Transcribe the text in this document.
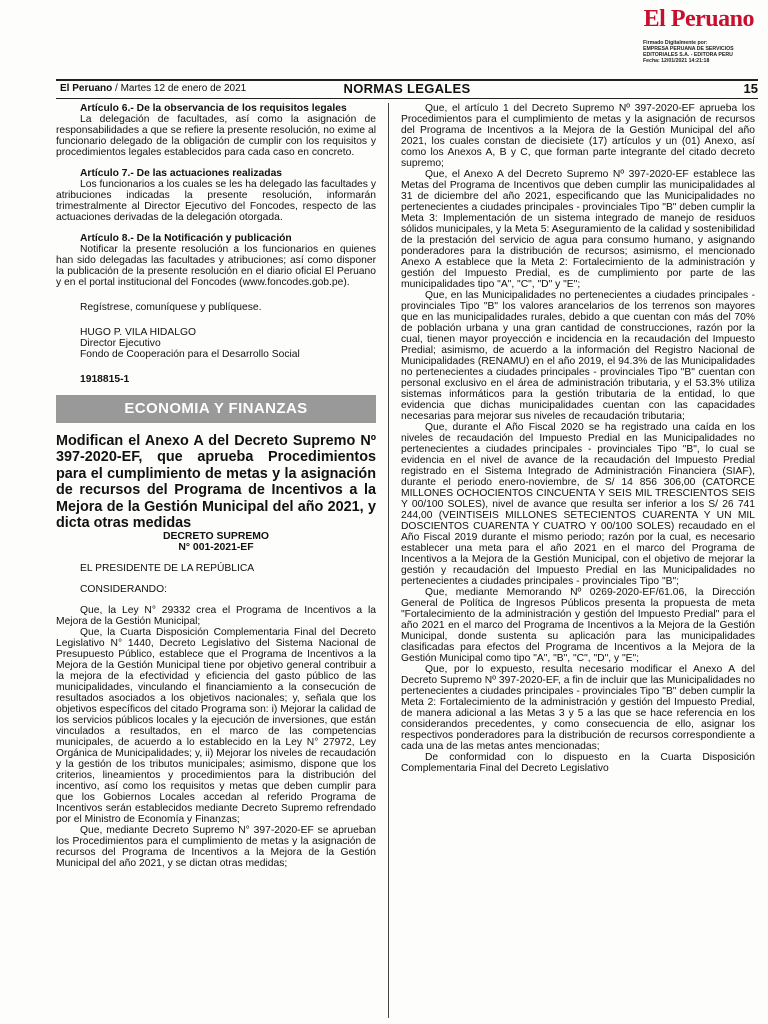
El Peruano
Firmado Digitalmente por:
EMPRESA PERUANA DE SERVICIOS EDITORIALES S.A. - EDITORA PERU
Fecha: 12/01/2021 14:21:18
El Peruano / Martes 12 de enero de 2021	NORMAS LEGALES	15

Artículo 6.- De la observancia de los requisitos legales

La delegación de facultades, así como la asignación de responsabilidades a que se refiere la presente resolución, no exime al funcionario delegado de la obligación de cumplir con los requisitos y procedimientos legales establecidos para cada caso en concreto.

Artículo 7.- De las actuaciones realizadas

Los funcionarios a los cuales se les ha delegado las facultades y atribuciones indicadas la presente resolución, informarán trimestralmente al Director Ejecutivo del Foncodes, respecto de las actuaciones derivadas de la delegación otorgada.

Artículo 8.- De la Notificación y publicación

Notificar la presente resolución a los funcionarios en quienes han sido delegadas las facultades y atribuciones; así como disponer la publicación de la presente resolución en el diario oficial El Peruano y en el portal institucional del Foncodes (www.foncodes.gob.pe).

Regístrese, comuníquese y publíquese.

HUGO P. VILA HIDALGO

Director Ejecutivo

Fondo de Cooperación para el Desarrollo Social

1918815-1

ECONOMIA Y FINANZAS

Modifican el Anexo A del Decreto Supremo Nº 397-2020-EF, que aprueba Procedimientos para el cumplimiento de metas y la asignación de recursos del Programa de Incentivos a la Mejora de la Gestión Municipal del año 2021, y dicta otras medidas

DECRETO SUPREMO

N° 001-2021-EF

EL PRESIDENTE DE LA REPÚBLICA

CONSIDERANDO:

Que, la Ley N° 29332 crea el Programa de Incentivos a la Mejora de la Gestión Municipal;

Que, la Cuarta Disposición Complementaria Final del Decreto Legislativo N° 1440, Decreto Legislativo del Sistema Nacional de Presupuesto Público, establece que el Programa de Incentivos a la Mejora de la Gestión Municipal tiene por objetivo general contribuir a la mejora de la efectividad y eficiencia del gasto público de las municipalidades, vinculando el financiamiento a la consecución de resultados asociados a los objetivos nacionales; y, señala que los objetivos específicos del citado Programa son: i) Mejorar la calidad de los servicios públicos locales y la ejecución de inversiones, que están vinculados a resultados, en el marco de las competencias municipales, de acuerdo a lo establecido en la Ley N° 27972, Ley Orgánica de Municipalidades; y, ii) Mejorar los niveles de recaudación y la gestión de los tributos municipales; asimismo, dispone que los criterios, lineamientos y procedimientos para la distribución del incentivo, así como los requisitos y metas que deben cumplir para que los Gobiernos Locales accedan al referido Programa de Incentivos serán establecidos mediante Decreto Supremo refrendado por el Ministro de Economía y Finanzas;

Que, mediante Decreto Supremo N° 397-2020-EF se aprueban los Procedimientos para el cumplimiento de metas y la asignación de recursos del Programa de Incentivos a la Mejora de la Gestión Municipal del año 2021, y se dictan otras medidas;

Que, el artículo 1 del Decreto Supremo Nº 397-2020-EF aprueba los Procedimientos para el cumplimiento de metas y la asignación de recursos del Programa de Incentivos a la Mejora de la Gestión Municipal del año 2021, los cuales constan de diecisiete (17) artículos y un (01) Anexo, así como los Anexos A, B y C, que forman parte integrante del citado decreto supremo;

Que, el Anexo A del Decreto Supremo Nº 397-2020-EF establece las Metas del Programa de Incentivos que deben cumplir las municipalidades al 31 de diciembre del año 2021, especificando que las Municipalidades no pertenecientes a ciudades principales - provinciales Tipo "B" deben cumplir la Meta 3: Implementación de un sistema integrado de manejo de residuos sólidos municipales, y la Meta 5: Aseguramiento de la calidad y sostenibilidad de la prestación del servicio de agua para consumo humano, y asignando ponderadores para la distribución de recursos; asimismo, el mencionado Anexo A establece que la Meta 2: Fortalecimiento de la administración y gestión del Impuesto Predial, es de cumplimiento por parte de las municipalidades tipo "A", "C", "D" y "E";

Que, en las Municipalidades no pertenecientes a ciudades principales - provinciales Tipo "B" los valores arancelarios de los terrenos son mayores que en las municipalidades rurales, debido a que cuentan con más del 70% de población urbana y una gran cantidad de construcciones, razón por la cual, tienen mayor proyección e incidencia en la recaudación del Impuesto Predial; asimismo, de acuerdo a la información del Registro Nacional de Municipalidades (RENAMU) en el año 2019, el 94.3% de las Municipalidades no pertenecientes a ciudades principales - provinciales Tipo "B" cuentan con personal exclusivo en el área de administración tributaria, y el 53.3% utiliza sistemas informáticos para la gestión tributaria de la entidad, lo que evidencia que dichas municipalidades cuentan con las capacidades necesarias para mejorar sus niveles de recaudación tributaria;

Que, durante el Año Fiscal 2020 se ha registrado una caída en los niveles de recaudación del Impuesto Predial en las Municipalidades no pertenecientes a ciudades principales - provinciales Tipo "B", lo cual se evidencia en el nivel de avance de la recaudación del Impuesto Predial registrado en el Sistema Integrado de Administración Financiera (SIAF), durante el periodo enero-noviembre, de S/ 14 856 306,00 (CATORCE MILLONES OCHOCIENTOS CINCUENTA Y SEIS MIL TRESCIENTOS SEIS Y 00/100 SOLES), nivel de avance que resulta ser inferior a los S/ 26 741 244,00 (VEINTISEIS MILLONES SETECIENTOS CUARENTA Y UN MIL DOSCIENTOS CUARENTA Y CUATRO Y 00/100 SOLES) recaudado en el Año Fiscal 2019 durante el mismo periodo; razón por la cual, es necesario establecer una meta para el año 2021 en el marco del Programa de Incentivos a la Mejora de la Gestión Municipal, con el objetivo de mejorar la gestión y recaudación del Impuesto Predial en las Municipalidades no pertenecientes a ciudades principales - provinciales Tipo "B";

Que, mediante Memorando Nº 0269-2020-EF/61.06, la Dirección General de Política de Ingresos Públicos presenta la propuesta de meta "Fortalecimiento de la administración y gestión del Impuesto Predial" para el año 2021 en el marco del Programa de Incentivos a la Mejora de la Gestión Municipal, donde sustenta su aplicación para las municipalidades clasificadas para efectos del Programa de Incentivos a la Mejora de la Gestión Municipal como tipo "A", "B", "C", "D", y "E";

Que, por lo expuesto, resulta necesario modificar el Anexo A del Decreto Supremo Nº 397-2020-EF, a fin de incluir que las Municipalidades no pertenecientes a ciudades principales - provinciales Tipo "B" deben cumplir la Meta 2: Fortalecimiento de la administración y gestión del Impuesto Predial, de manera adicional a las Metas 3 y 5 a las que se hace referencia en los considerandos precedentes, y como consecuencia de ello, asignar los respectivos ponderadores para la distribución de recursos correspondiente a cada una de las metas antes mencionadas;

De conformidad con lo dispuesto en la Cuarta Disposición Complementaria Final del Decreto Legislativo
